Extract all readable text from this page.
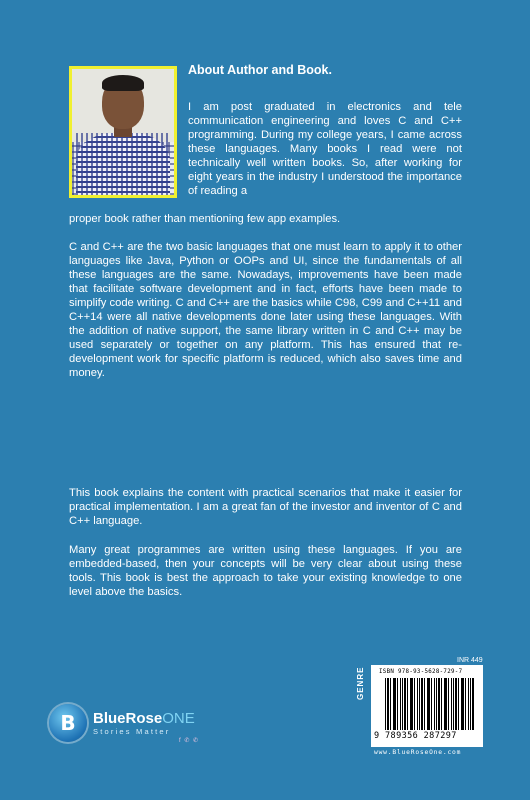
About Author and Book.

I am post graduated in electronics and tele communication engineering and loves C and C++ programming. During my college years, I came across these languages. Many books I read were not technically well written books. So, after working for eight years in the industry I understood the importance of reading a

proper book rather than mentioning few app examples.

C and C++ are the two basic languages that one must learn to apply it to other languages like Java, Python or OOPs and UI, since the fundamentals of all these languages are the same. Nowadays, improvements have been made that facilitate software development and in fact, efforts have been made to simplify code writing. C and C++ are the basics while C98, C99 and C++11 and C++14 were all native developments done later using these languages. With the addition of native support, the same library written in C and C++ may be used separately or together on any platform. This has ensured that re-development work for specific platform is reduced, which also saves time and money.

This book explains the content with practical scenarios that make it easier for practical implementation. I am a great fan of the investor and inventor of C and C++ language.

Many great programmes are written using these languages. If you are embedded-based, then your concepts will be very clear about using these tools. This book is best the approach to take your existing knowledge to one level above the basics.

B	BlueRoseONE
Stories Matter
f ✆ ✆
INR 449
GENRE ISBN 978-93-5628-729-7
9 789356 287297
www.BlueRoseOne.com
